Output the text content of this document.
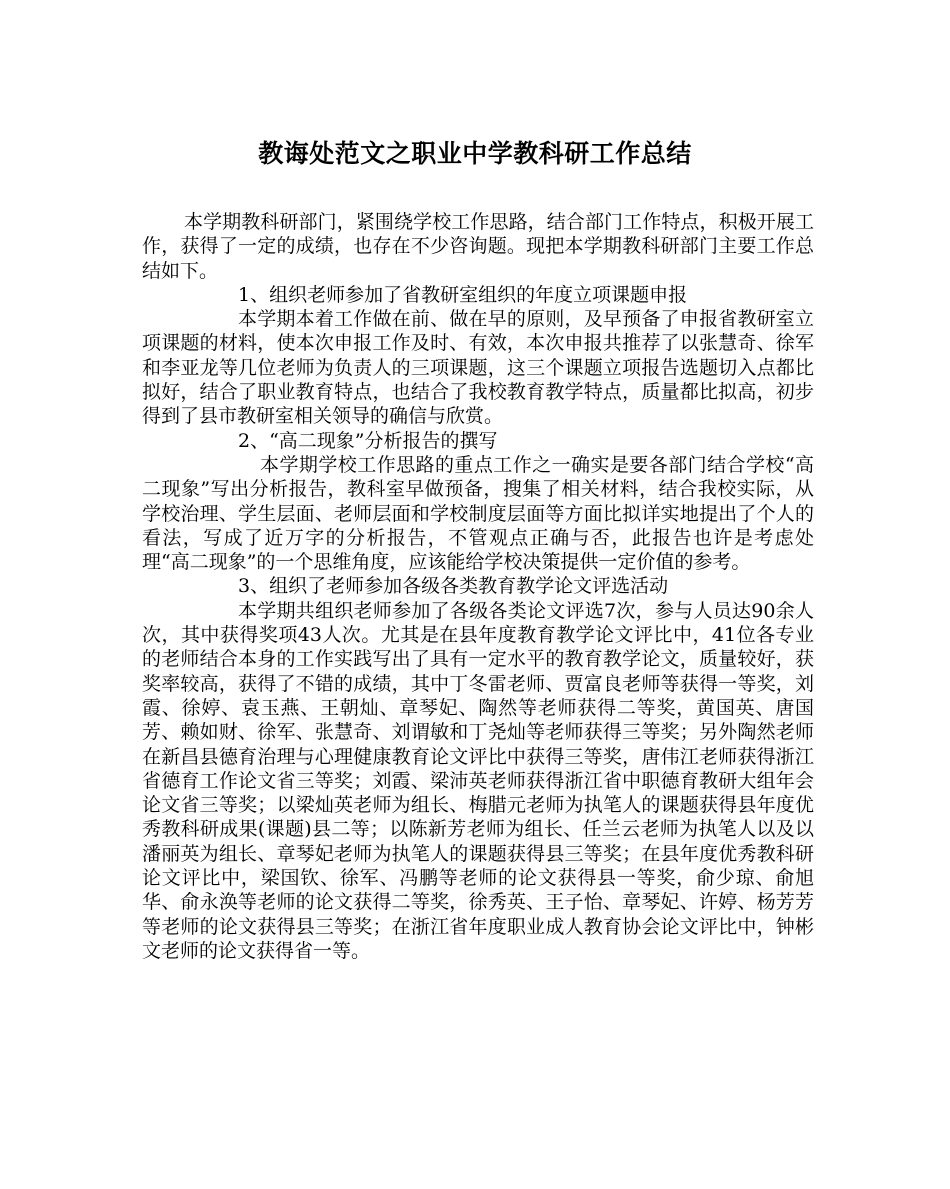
教诲处范文之职业中学教科研工作总结

本学期教科研部门，紧围绕学校工作思路，结合部门工作特点，积极开展工作，获得了一定的成绩，也存在不少咨询题。现把本学期教科研部门主要工作总结如下。

1、组织老师参加了省教研室组织的年度立项课题申报

本学期本着工作做在前、做在早的原则，及早预备了申报省教研室立项课题的材料，使本次申报工作及时、有效，本次申报共推荐了以张慧奇、徐军和李亚龙等几位老师为负责人的三项课题，这三个课题立项报告选题切入点都比拟好，结合了职业教育特点，也结合了我校教育教学特点，质量都比拟高，初步得到了县市教研室相关领导的确信与欣赏。

2、“高二现象”分析报告的撰写

本学期学校工作思路的重点工作之一确实是要各部门结合学校“高二现象”写出分析报告，教科室早做预备，搜集了相关材料，结合我校实际，从学校治理、学生层面、老师层面和学校制度层面等方面比拟详实地提出了个人的看法，写成了近万字的分析报告，不管观点正确与否，此报告也许是考虑处理“高二现象”的一个思维角度，应该能给学校决策提供一定价值的参考。

3、组织了老师参加各级各类教育教学论文评选活动

本学期共组织老师参加了各级各类论文评选7次，参与人员达90余人次，其中获得奖项43人次。尤其是在县年度教育教学论文评比中，41位各专业的老师结合本身的工作实践写出了具有一定水平的教育教学论文，质量较好，获奖率较高，获得了不错的成绩，其中丁冬雷老师、贾富良老师等获得一等奖，刘霞、徐婷、袁玉燕、王朝灿、章琴妃、陶然等老师获得二等奖，黄国英、唐国芳、赖如财、徐军、张慧奇、刘谓敏和丁尧灿等老师获得三等奖；另外陶然老师在新昌县德育治理与心理健康教育论文评比中获得三等奖，唐伟江老师获得浙江省德育工作论文省三等奖；刘霞、梁沛英老师获得浙江省中职德育教研大组年会论文省三等奖；以梁灿英老师为组长、梅腊元老师为执笔人的课题获得县年度优秀教科研成果(课题)县二等；以陈新芳老师为组长、任兰云老师为执笔人以及以潘丽英为组长、章琴妃老师为执笔人的课题获得县三等奖；在县年度优秀教科研论文评比中，梁国钦、徐军、冯鹏等老师的论文获得县一等奖，俞少琼、俞旭华、俞永涣等老师的论文获得二等奖，徐秀英、王子怡、章琴妃、许婷、杨芳芳等老师的论文获得县三等奖；在浙江省年度职业成人教育协会论文评比中，钟彬文老师的论文获得省一等。
